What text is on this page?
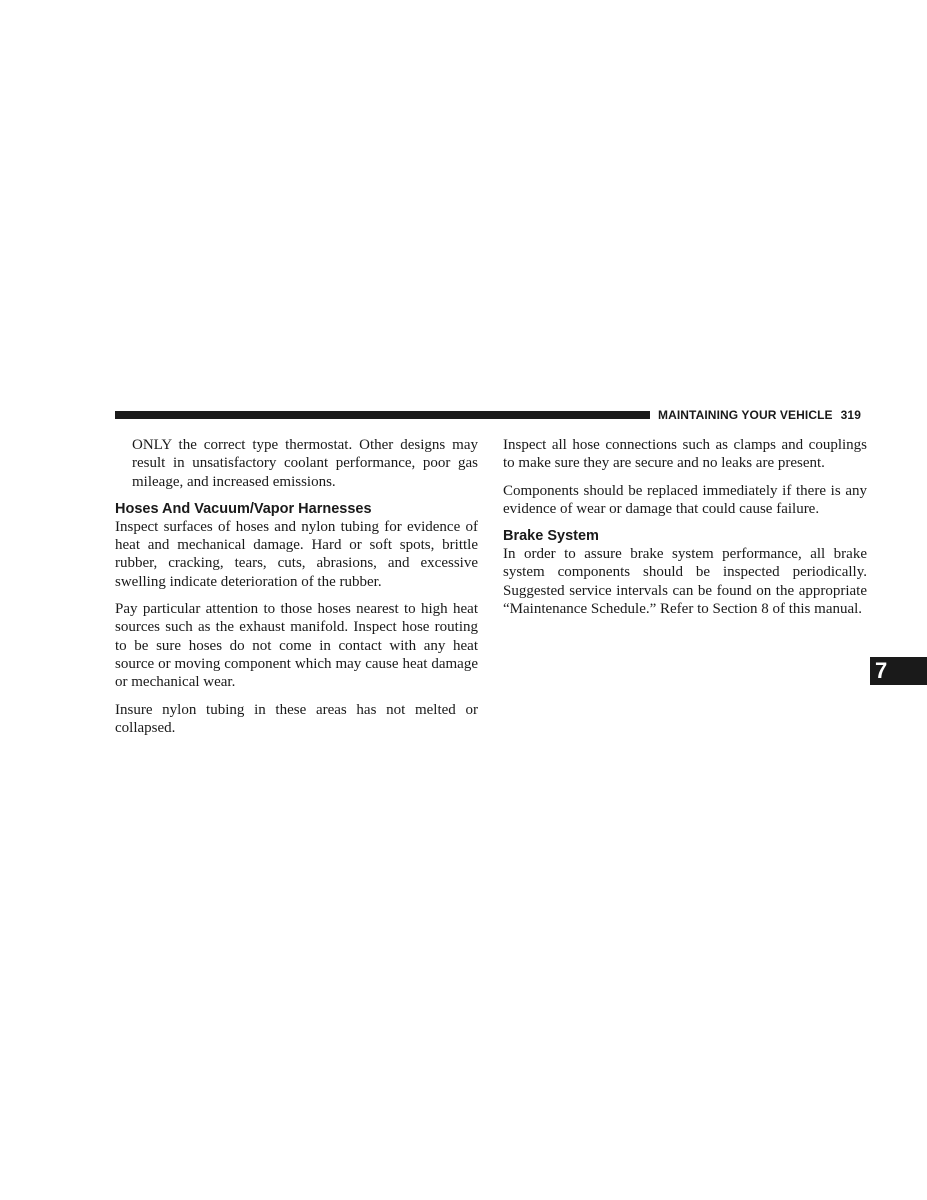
MAINTAINING YOUR VEHICLE 319

ONLY the correct type thermostat. Other designs may result in unsatisfactory coolant performance, poor gas mileage, and increased emissions.

Hoses And Vacuum/Vapor Harnesses

Inspect surfaces of hoses and nylon tubing for evidence of heat and mechanical damage. Hard or soft spots, brittle rubber, cracking, tears, cuts, abrasions, and excessive swelling indicate deterioration of the rubber.

Pay particular attention to those hoses nearest to high heat sources such as the exhaust manifold. Inspect hose routing to be sure hoses do not come in contact with any heat source or moving component which may cause heat damage or mechanical wear.

Insure nylon tubing in these areas has not melted or collapsed.

Inspect all hose connections such as clamps and couplings to make sure they are secure and no leaks are present.

Components should be replaced immediately if there is any evidence of wear or damage that could cause failure.

Brake System

In order to assure brake system performance, all brake system components should be inspected periodically. Suggested service intervals can be found on the appropriate “Maintenance Schedule.” Refer to Section 8 of this manual.

7
